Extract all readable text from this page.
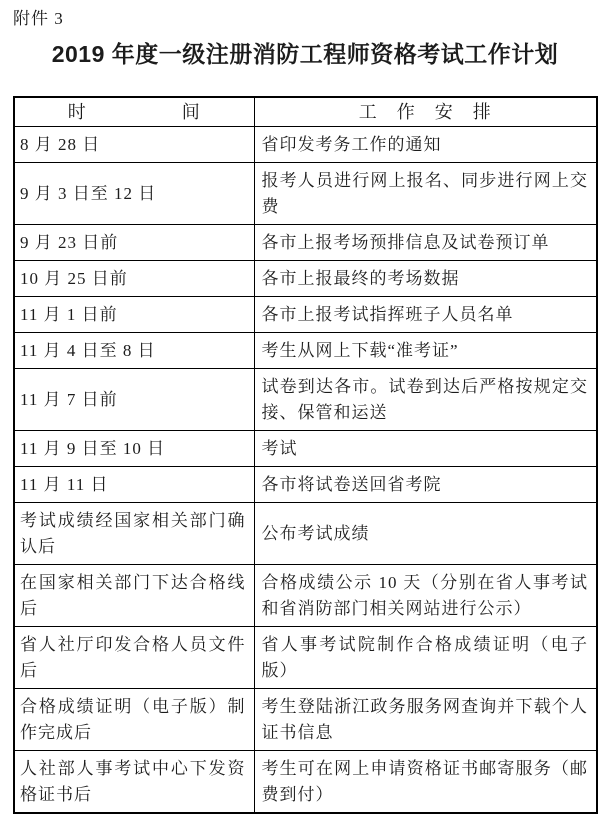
附件 3
2019 年度一级注册消防工程师资格考试工作计划
时　　　　　间	工　作　安　排
8 月 28 日	省印发考务工作的通知
9 月 3 日至 12 日	报考人员进行网上报名、同步进行网上交费
9 月 23 日前	各市上报考场预排信息及试卷预订单
10 月 25 日前	各市上报最终的考场数据
11 月 1 日前	各市上报考试指挥班子人员名单
11 月 4 日至 8 日	考生从网上下载“准考证”
11 月 7 日前	试卷到达各市。试卷到达后严格按规定交接、保管和运送
11 月 9 日至 10 日	考试
11 月 11 日	各市将试卷送回省考院
考试成绩经国家相关部门确认后	公布考试成绩
在国家相关部门下达合格线后	合格成绩公示 10 天（分别在省人事考试和省消防部门相关网站进行公示）
省人社厅印发合格人员文件后	省人事考试院制作合格成绩证明（电子版）
合格成绩证明（电子版）制作完成后	考生登陆浙江政务服务网查询并下载个人证书信息
人社部人事考试中心下发资格证书后	考生可在网上申请资格证书邮寄服务（邮费到付）
